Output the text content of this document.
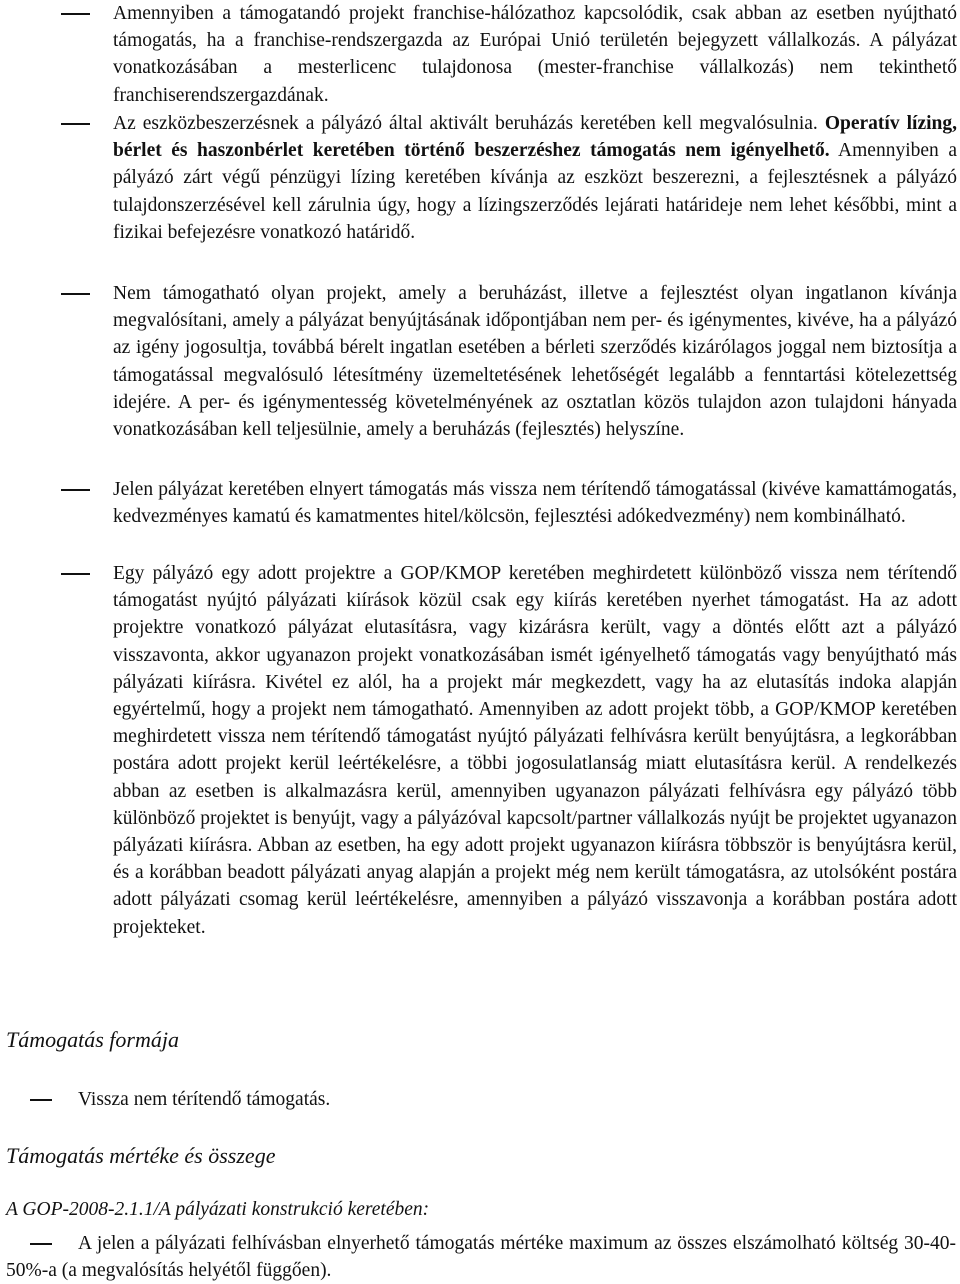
Amennyiben a támogatandó projekt franchise-hálózathoz kapcsolódik, csak abban az esetben nyújtható támogatás, ha a franchise-rendszergazda az Európai Unió területén bejegyzett vállalkozás. A pályázat vonatkozásában a mesterlicenc tulajdonosa (mester-franchise vállalkozás) nem tekinthető franchiserendszergazdának.

Az eszközbeszerzésnek a pályázó által aktivált beruházás keretében kell megvalósulnia. Operatív lízing, bérlet és haszonbérlet keretében történő beszerzéshez támogatás nem igényelhető. Amennyiben a pályázó zárt végű pénzügyi lízing keretében kívánja az eszközt beszerezni, a fejlesztésnek a pályázó tulajdonszerzésével kell zárulnia úgy, hogy a lízingszerződés lejárati határideje nem lehet későbbi, mint a fizikai befejezésre vonatkozó határidő.

Nem támogatható olyan projekt, amely a beruházást, illetve a fejlesztést olyan ingatlanon kívánja megvalósítani, amely a pályázat benyújtásának időpontjában nem per- és igénymentes, kivéve, ha a pályázó az igény jogosultja, továbbá bérelt ingatlan esetében a bérleti szerződés kizárólagos joggal nem biztosítja a támogatással megvalósuló létesítmény üzemeltetésének lehetőségét legalább a fenntartási kötelezettség idejére. A per- és igénymentesség követelményének az osztatlan közös tulajdon azon tulajdoni hányada vonatkozásában kell teljesülnie, amely a beruházás (fejlesztés) helyszíne.

Jelen pályázat keretében elnyert támogatás más vissza nem térítendő támogatással (kivéve kamattámogatás, kedvezményes kamatú és kamatmentes hitel/kölcsön, fejlesztési adókedvezmény) nem kombinálható.

Egy pályázó egy adott projektre a GOP/KMOP keretében meghirdetett különböző vissza nem térítendő támogatást nyújtó pályázati kiírások közül csak egy kiírás keretében nyerhet támogatást. Ha az adott projektre vonatkozó pályázat elutasításra, vagy kizárásra került, vagy a döntés előtt azt a pályázó visszavonta, akkor ugyanazon projekt vonatkozásában ismét igényelhető támogatás vagy benyújtható más pályázati kiírásra. Kivétel ez alól, ha a projekt már megkezdett, vagy ha az elutasítás indoka alapján egyértelmű, hogy a projekt nem támogatható. Amennyiben az adott projekt több, a GOP/KMOP keretében meghirdetett vissza nem térítendő támogatást nyújtó pályázati felhívásra került benyújtásra, a legkorábban postára adott projekt kerül leértékelésre, a többi jogosulatlanság miatt elutasításra kerül. A rendelkezés abban az esetben is alkalmazásra kerül, amennyiben ugyanazon pályázati felhívásra egy pályázó több különböző projektet is benyújt, vagy a pályázóval kapcsolt/partner vállalkozás nyújt be projektet ugyanazon pályázati kiírásra. Abban az esetben, ha egy adott projekt ugyanazon kiírásra többször is benyújtásra kerül, és a korábban beadott pályázati anyag alapján a projekt még nem került támogatásra, az utolsóként postára adott pályázati csomag kerül leértékelésre, amennyiben a pályázó visszavonja a korábban postára adott projekteket.

Támogatás formája
Vissza nem térítendő támogatás.
Támogatás mértéke és összege
A GOP-2008-2.1.1/A pályázati konstrukció keretében:
A jelen a pályázati felhívásban elnyerhető támogatás mértéke maximum az összes elszámolható költség 30-40-50%-a (a megvalósítás helyétől függően).
